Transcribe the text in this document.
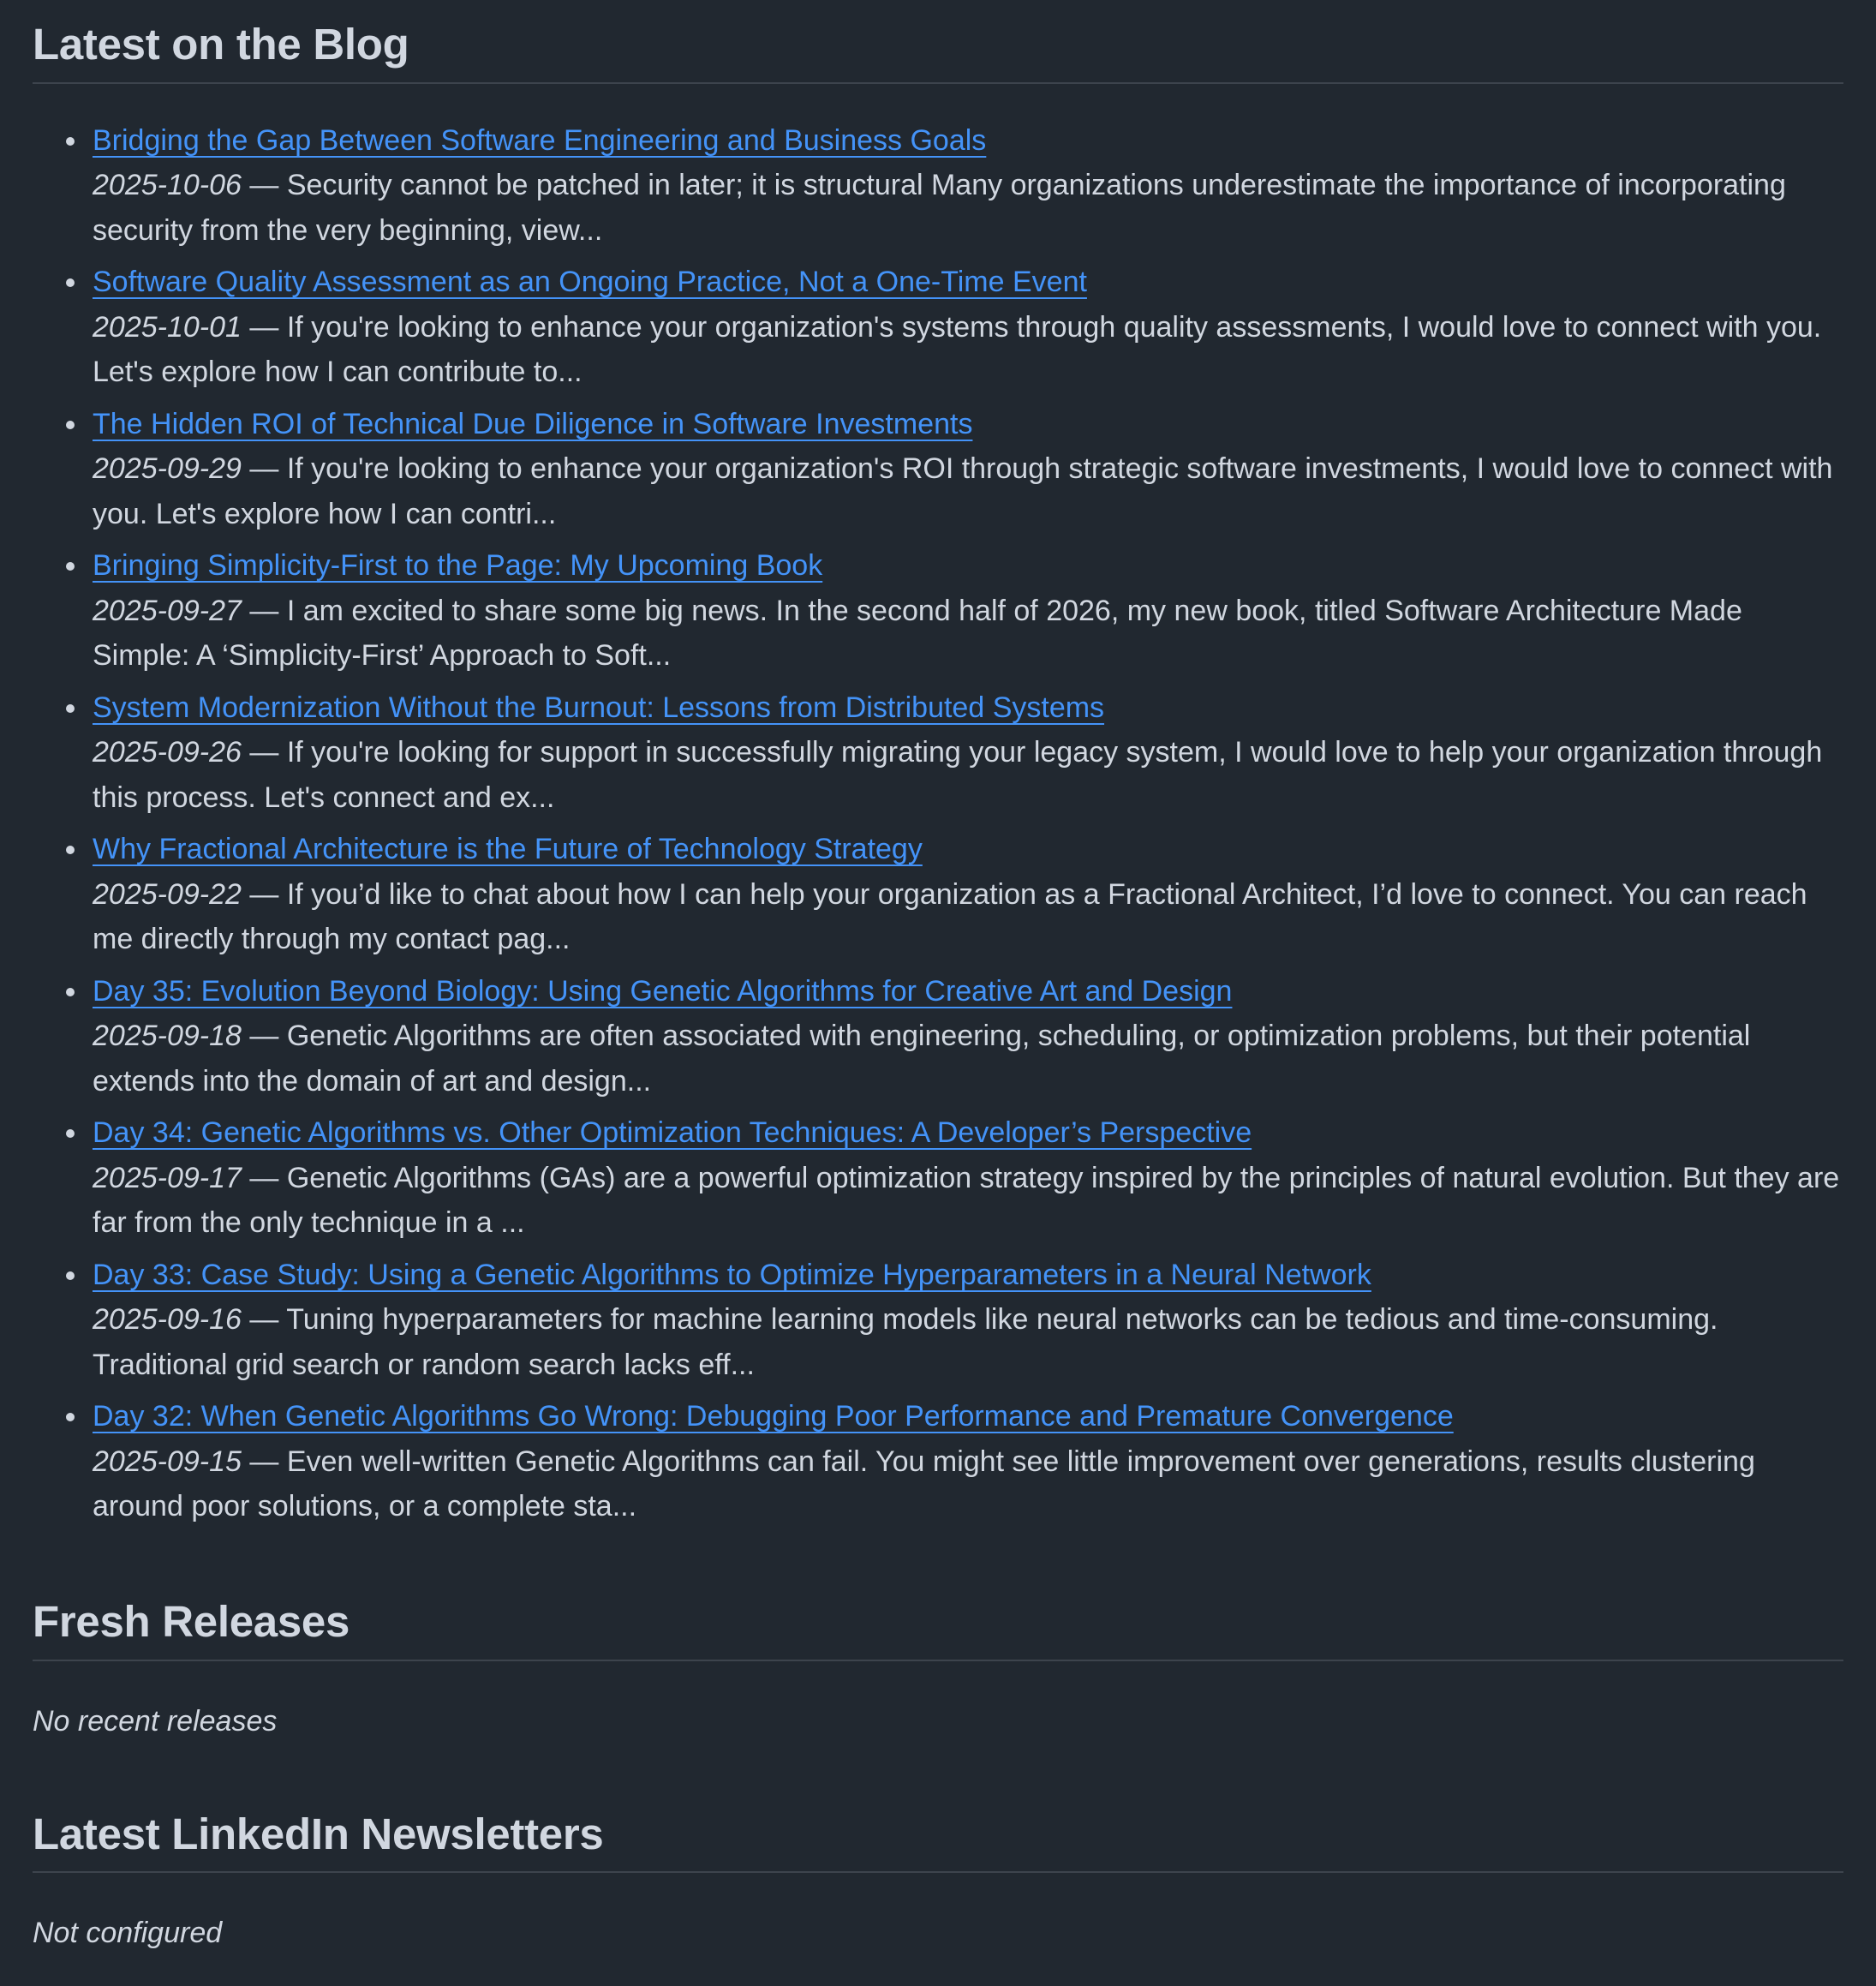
Latest on the Blog
Bridging the Gap Between Software Engineering and Business Goals
2025-10-06 — Security cannot be patched in later; it is structural Many organizations underestimate the importance of incorporating security from the very beginning, view...
Software Quality Assessment as an Ongoing Practice, Not a One-Time Event
2025-10-01 — If you're looking to enhance your organization's systems through quality assessments, I would love to connect with you. Let's explore how I can contribute to...
The Hidden ROI of Technical Due Diligence in Software Investments
2025-09-29 — If you're looking to enhance your organization's ROI through strategic software investments, I would love to connect with you. Let's explore how I can contri...
Bringing Simplicity-First to the Page: My Upcoming Book
2025-09-27 — I am excited to share some big news. In the second half of 2026, my new book, titled Software Architecture Made Simple: A ‘Simplicity-First’ Approach to Soft...
System Modernization Without the Burnout: Lessons from Distributed Systems
2025-09-26 — If you're looking for support in successfully migrating your legacy system, I would love to help your organization through this process. Let's connect and ex...
Why Fractional Architecture is the Future of Technology Strategy
2025-09-22 — If you’d like to chat about how I can help your organization as a Fractional Architect, I’d love to connect. You can reach me directly through my contact pag...
Day 35: Evolution Beyond Biology: Using Genetic Algorithms for Creative Art and Design
2025-09-18 — Genetic Algorithms are often associated with engineering, scheduling, or optimization problems, but their potential extends into the domain of art and design...
Day 34: Genetic Algorithms vs. Other Optimization Techniques: A Developer’s Perspective
2025-09-17 — Genetic Algorithms (GAs) are a powerful optimization strategy inspired by the principles of natural evolution. But they are far from the only technique in a ...
Day 33: Case Study: Using a Genetic Algorithms to Optimize Hyperparameters in a Neural Network
2025-09-16 — Tuning hyperparameters for machine learning models like neural networks can be tedious and time-consuming. Traditional grid search or random search lacks eff...
Day 32: When Genetic Algorithms Go Wrong: Debugging Poor Performance and Premature Convergence
2025-09-15 — Even well-written Genetic Algorithms can fail. You might see little improvement over generations, results clustering around poor solutions, or a complete sta...
Fresh Releases
No recent releases
Latest LinkedIn Newsletters
Not configured
